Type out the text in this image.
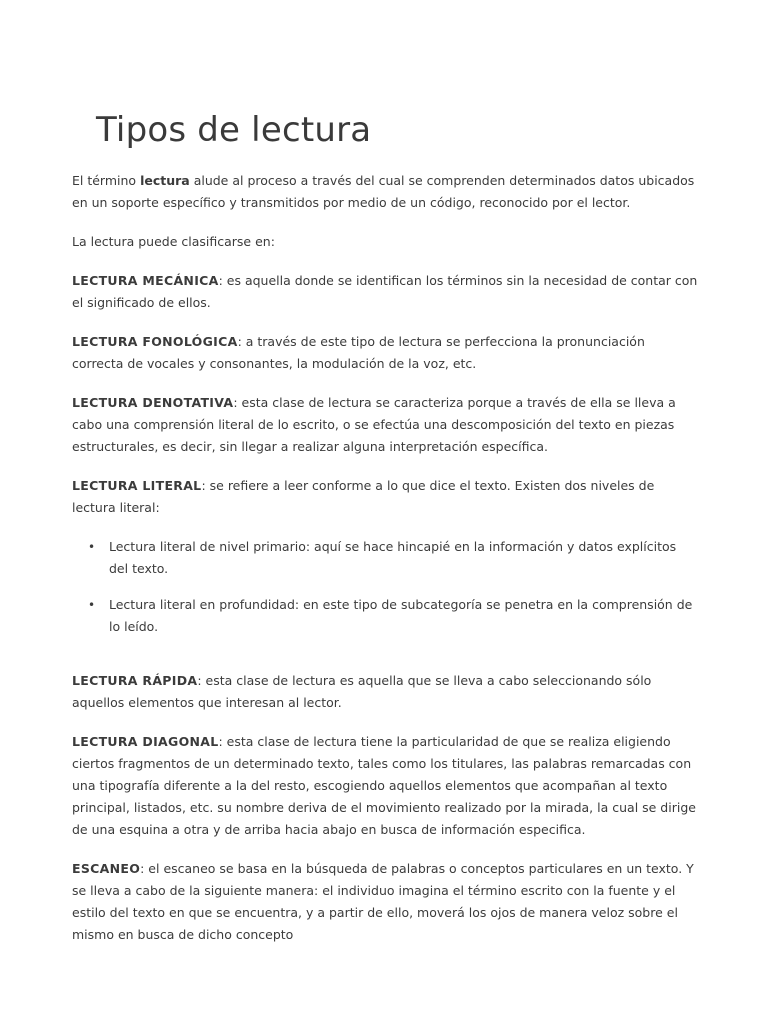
Tipos de lectura

El término lectura alude al proceso a través del cual se comprenden determinados datos ubicados en un soporte específico y transmitidos por medio de un código, reconocido por el lector.

La lectura puede clasificarse en:

LECTURA MECÁNICA: es aquella donde se identifican los términos sin la necesidad de contar con el significado de ellos.

LECTURA FONOLÓGICA: a través de este tipo de lectura se perfecciona la pronunciación correcta de vocales y consonantes, la modulación de la voz, etc.

LECTURA DENOTATIVA: esta clase de lectura se caracteriza porque a través de ella se lleva a cabo una comprensión literal de lo escrito, o se efectúa una descomposición del texto en piezas estructurales, es decir, sin llegar a realizar alguna interpretación específica.

LECTURA LITERAL: se refiere a leer conforme a lo que dice el texto. Existen dos niveles de lectura literal:

• Lectura literal de nivel primario: aquí se hace hincapié en la información y datos explícitos del texto.
• Lectura literal en profundidad: en este tipo de subcategoría se penetra en la comprensión de lo leído.

LECTURA RÁPIDA: esta clase de lectura es aquella que se lleva a cabo seleccionando sólo aquellos elementos que interesan al lector.

LECTURA DIAGONAL: esta clase de lectura tiene la particularidad de que se realiza eligiendo ciertos fragmentos de un determinado texto, tales como los titulares, las palabras remarcadas con una tipografía diferente a la del resto, escogiendo aquellos elementos que acompañan al texto principal, listados, etc. su nombre deriva de el movimiento realizado por la mirada, la cual se dirige de una esquina a otra y de arriba hacia abajo en busca de información especifica.

ESCANEO: el escaneo se basa en la búsqueda de palabras o conceptos particulares en un texto. Y se lleva a cabo de la siguiente manera: el individuo imagina el término escrito con la fuente y el estilo del texto en que se encuentra, y a partir de ello, moverá los ojos de manera veloz sobre el mismo en busca de dicho concepto
